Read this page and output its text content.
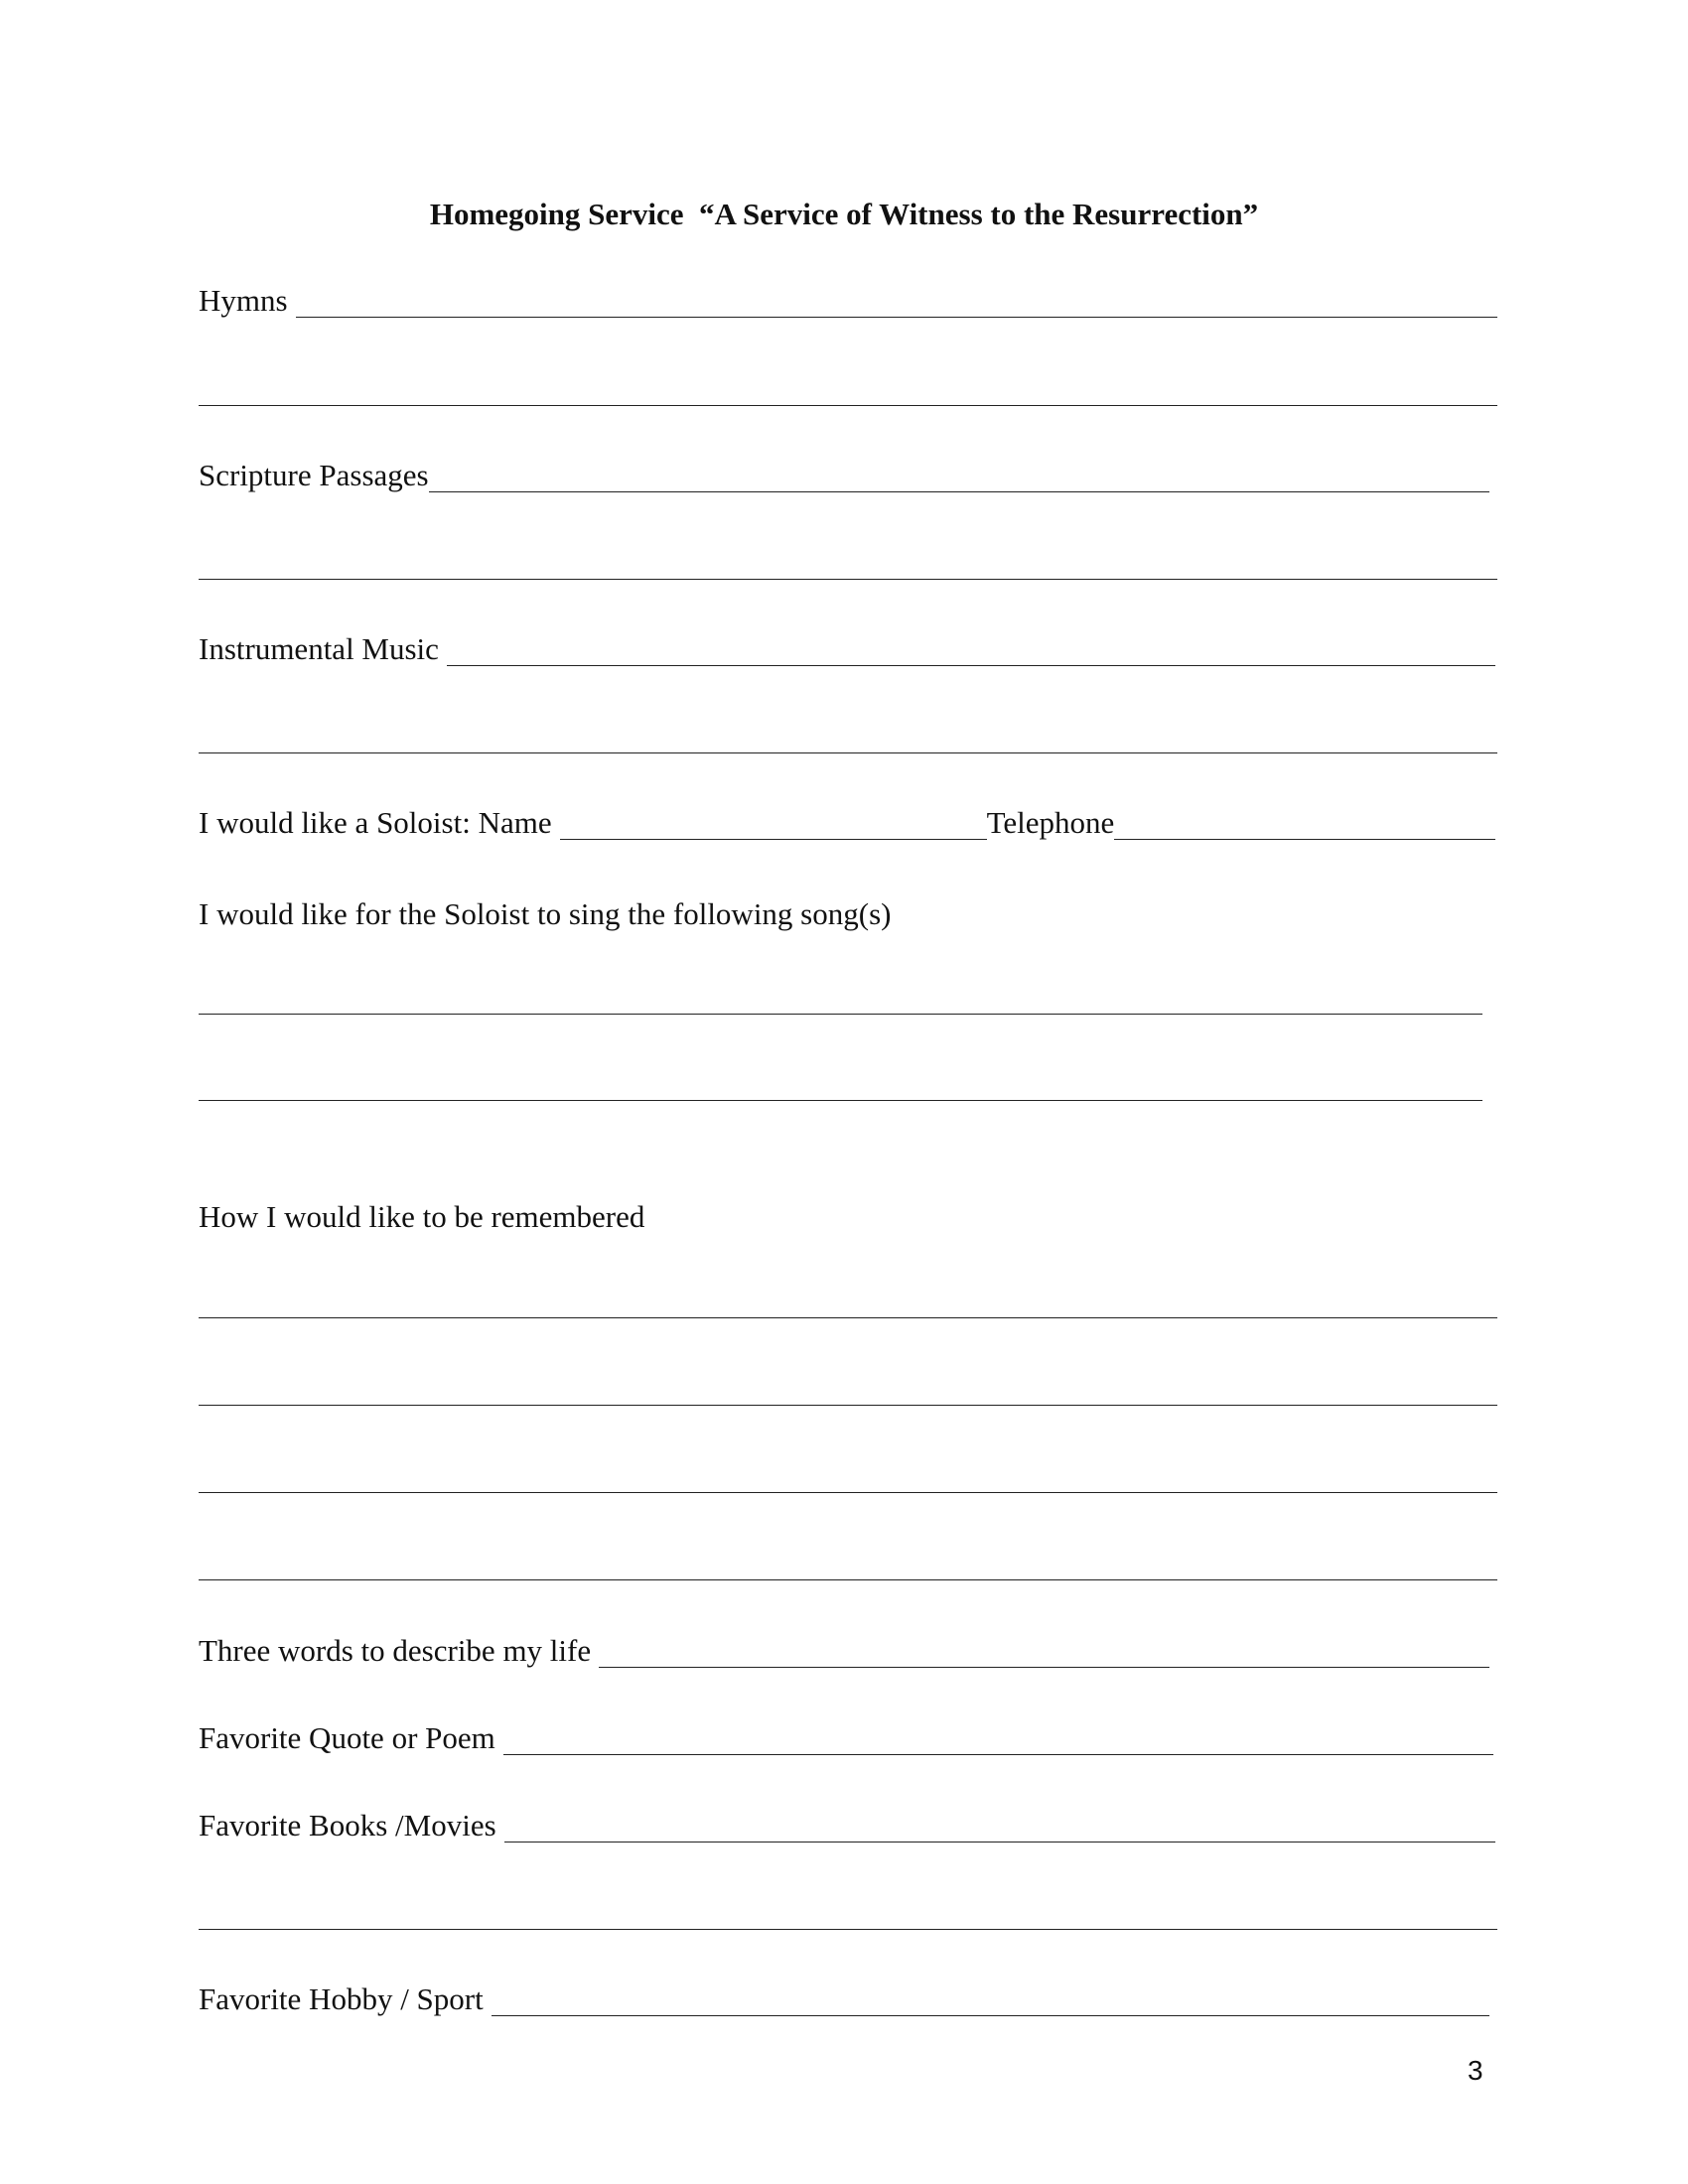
Homegoing Service  “A Service of Witness to the Resurrection”
Hymns
Scripture Passages
Instrumental Music
I would like a Soloist: Name	Telephone
I would like for the Soloist to sing the following song(s)
How I would like to be remembered
Three words to describe my life
Favorite Quote or Poem
Favorite Books /Movies
Favorite Hobby / Sport
3
